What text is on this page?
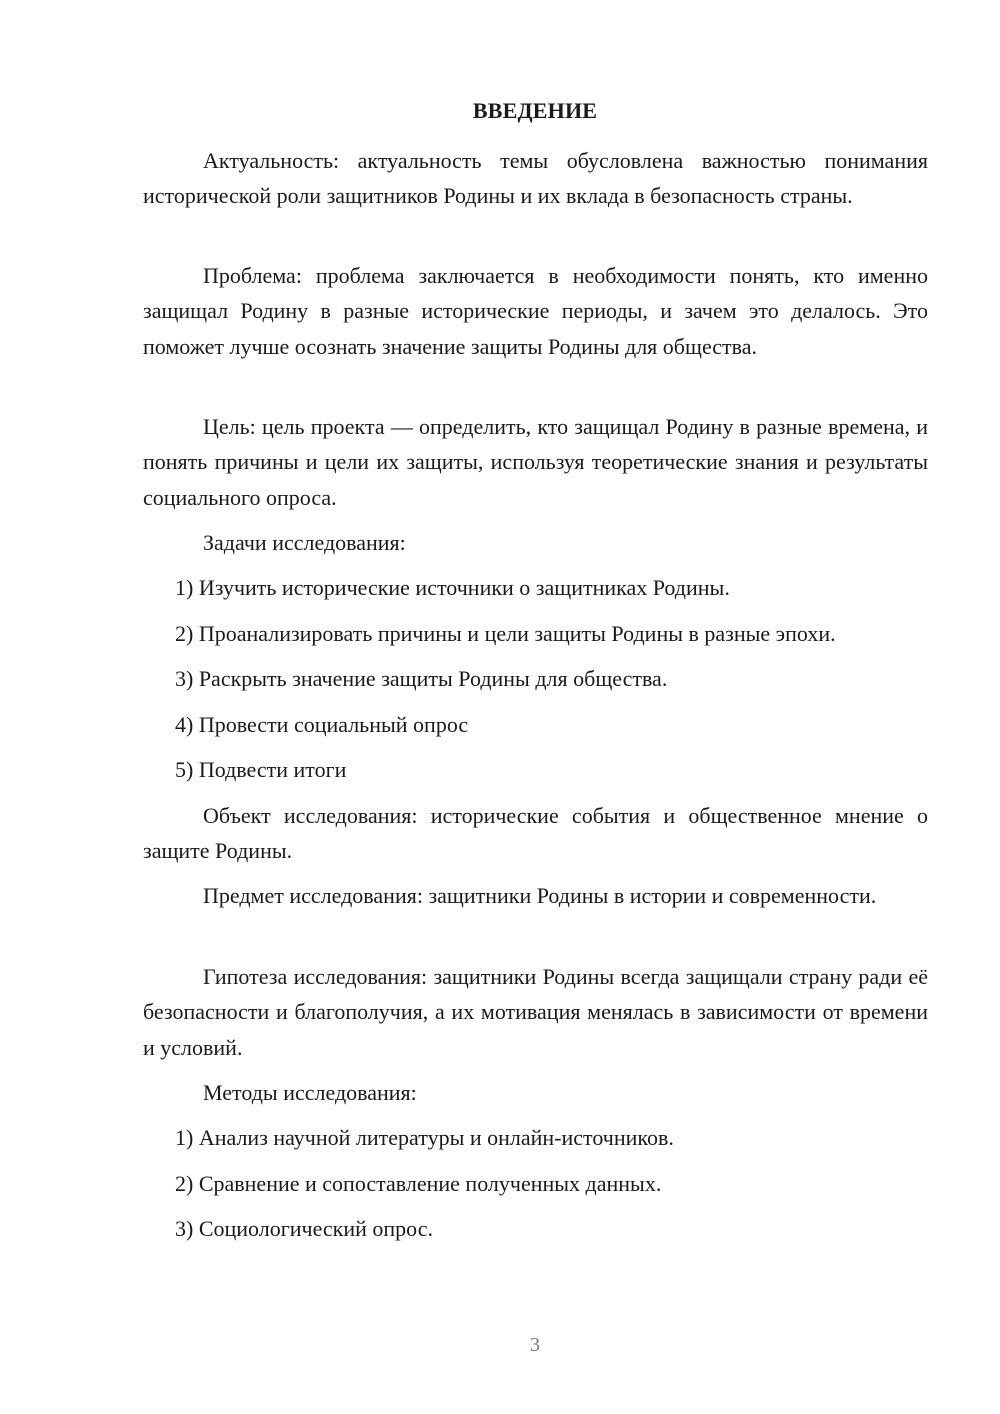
ВВЕДЕНИЕ

Актуальность: актуальность темы обусловлена важностью понимания исторической роли защитников Родины и их вклада в безопасность страны.

Проблема: проблема заключается в необходимости понять, кто именно защищал Родину в разные исторические периоды, и зачем это делалось. Это поможет лучше осознать значение защиты Родины для общества.

Цель: цель проекта — определить, кто защищал Родину в разные времена, и понять причины и цели их защиты, используя теоретические знания и результаты социального опроса.

Задачи исследования:

1) Изучить исторические источники о защитниках Родины.

2) Проанализировать причины и цели защиты Родины в разные эпохи.

3) Раскрыть значение защиты Родины для общества.

4) Провести социальный опрос

5) Подвести итоги

Объект исследования: исторические события и общественное мнение о защите Родины.

Предмет исследования: защитники Родины в истории и современности.

Гипотеза исследования: защитники Родины всегда защищали страну ради её безопасности и благополучия, а их мотивация менялась в зависимости от времени и условий.

Методы исследования:

1) Анализ научной литературы и онлайн-источников.

2) Сравнение и сопоставление полученных данных.

3) Социологический опрос.

3
